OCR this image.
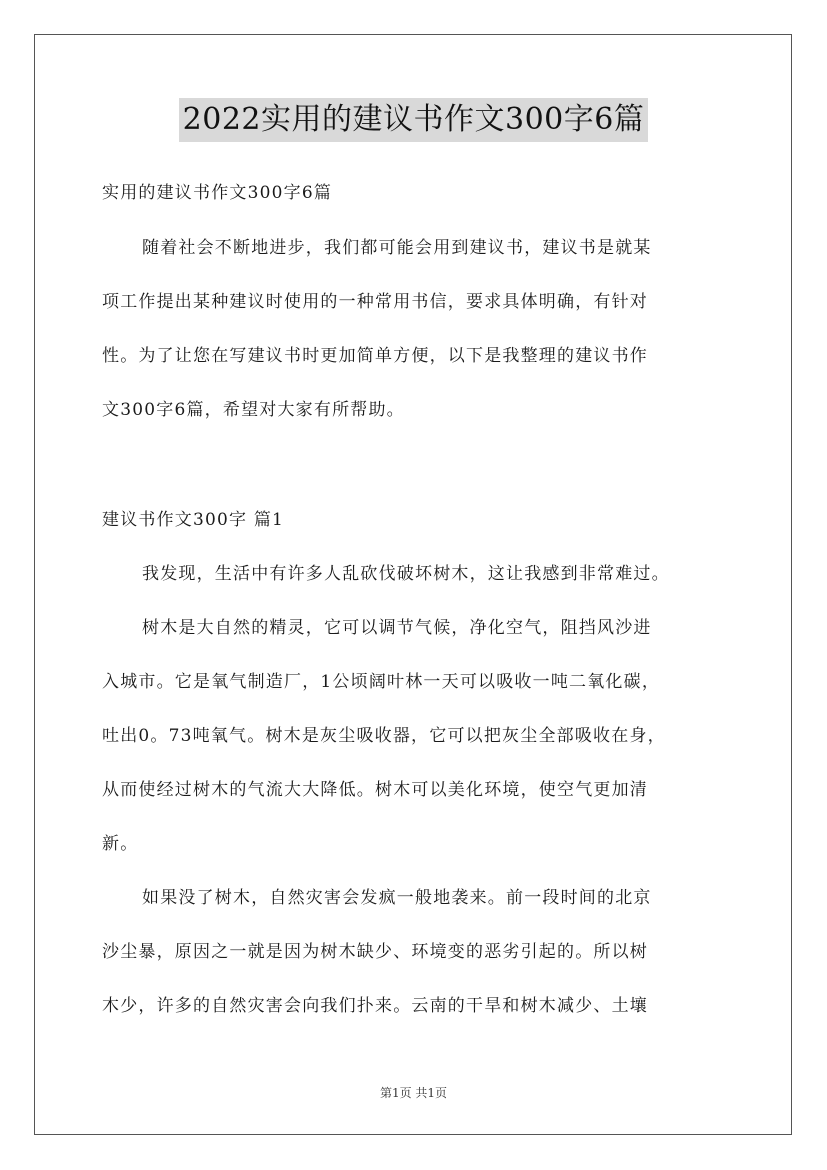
2022实用的建议书作文300字6篇
实用的建议书作文300字6篇
随着社会不断地进步，我们都可能会用到建议书，建议书是就某
项工作提出某种建议时使用的一种常用书信，要求具体明确，有针对
性。为了让您在写建议书时更加简单方便，以下是我整理的建议书作
文300字6篇，希望对大家有所帮助。
建议书作文300字 篇1
我发现，生活中有许多人乱砍伐破坏树木，这让我感到非常难过。
树木是大自然的精灵，它可以调节气候，净化空气，阻挡风沙进
入城市。它是氧气制造厂，1公顷阔叶林一天可以吸收一吨二氧化碳，
吐出0。73吨氧气。树木是灰尘吸收器，它可以把灰尘全部吸收在身，
从而使经过树木的气流大大降低。树木可以美化环境，使空气更加清
新。
如果没了树木，自然灾害会发疯一般地袭来。前一段时间的北京
沙尘暴，原因之一就是因为树木缺少、环境变的恶劣引起的。所以树
木少，许多的自然灾害会向我们扑来。云南的干旱和树木减少、土壤
第1页 共1页
